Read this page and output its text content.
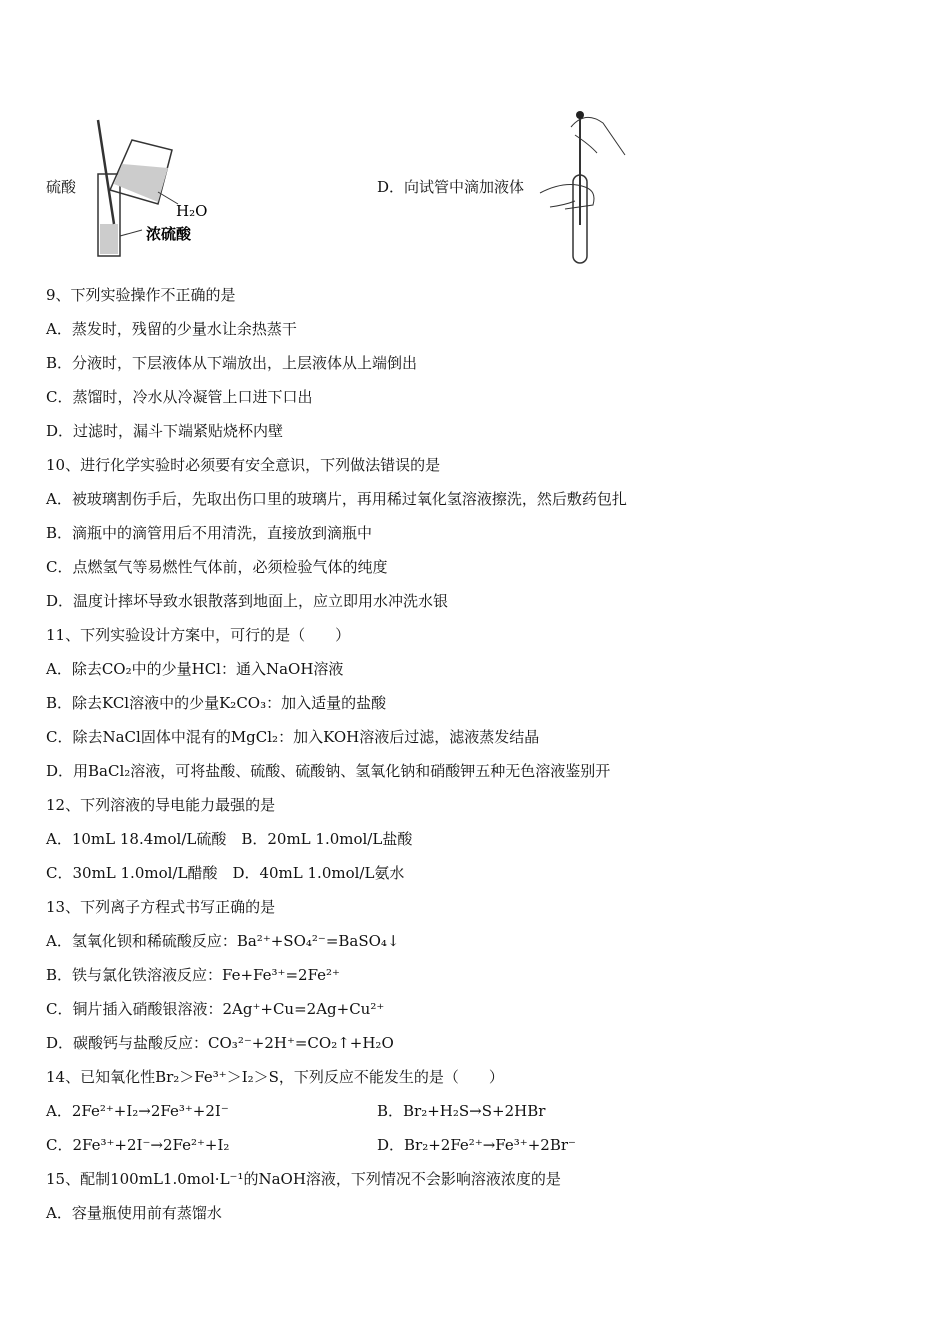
硫酸
H₂O
浓硫酸
D．向试管中滴加液体
9、下列实验操作不正确的是
A．蒸发时，残留的少量水让余热蒸干
B．分液时，下层液体从下端放出，上层液体从上端倒出
C．蒸馏时，冷水从冷凝管上口进下口出
D．过滤时，漏斗下端紧贴烧杯内壁
10、进行化学实验时必须要有安全意识，下列做法错误的是
A．被玻璃割伤手后，先取出伤口里的玻璃片，再用稀过氧化氢溶液擦洗，然后敷药包扎
B．滴瓶中的滴管用后不用清洗，直接放到滴瓶中
C．点燃氢气等易燃性气体前，必须检验气体的纯度
D．温度计摔坏导致水银散落到地面上，应立即用水冲洗水银
11、下列实验设计方案中，可行的是（　　）
A．除去CO₂中的少量HCl：通入NaOH溶液
B．除去KCl溶液中的少量K₂CO₃：加入适量的盐酸
C．除去NaCl固体中混有的MgCl₂：加入KOH溶液后过滤，滤液蒸发结晶
D．用BaCl₂溶液，可将盐酸、硫酸、硫酸钠、氢氧化钠和硝酸钾五种无色溶液鉴别开
12、下列溶液的导电能力最强的是
A．10mL 18.4mol/L硫酸　B．20mL 1.0mol/L盐酸
C．30mL 1.0mol/L醋酸　D．40mL 1.0mol/L氨水
13、下列离子方程式书写正确的是
A．氢氧化钡和稀硫酸反应：Ba²⁺+SO₄²⁻=BaSO₄↓
B．铁与氯化铁溶液反应：Fe+Fe³⁺=2Fe²⁺
C．铜片插入硝酸银溶液：2Ag⁺+Cu=2Ag+Cu²⁺
D．碳酸钙与盐酸反应：CO₃²⁻+2H⁺=CO₂↑+H₂O
14、已知氧化性Br₂＞Fe³⁺＞I₂＞S，下列反应不能发生的是（　　）
A．2Fe²⁺+I₂→2Fe³⁺+2I⁻	B．Br₂+H₂S→S+2HBr
C．2Fe³⁺+2I⁻→2Fe²⁺+I₂	D．Br₂+2Fe²⁺→Fe³⁺+2Br⁻
15、配制100mL1.0mol·L⁻¹的NaOH溶液，下列情况不会影响溶液浓度的是
A．容量瓶使用前有蒸馏水
